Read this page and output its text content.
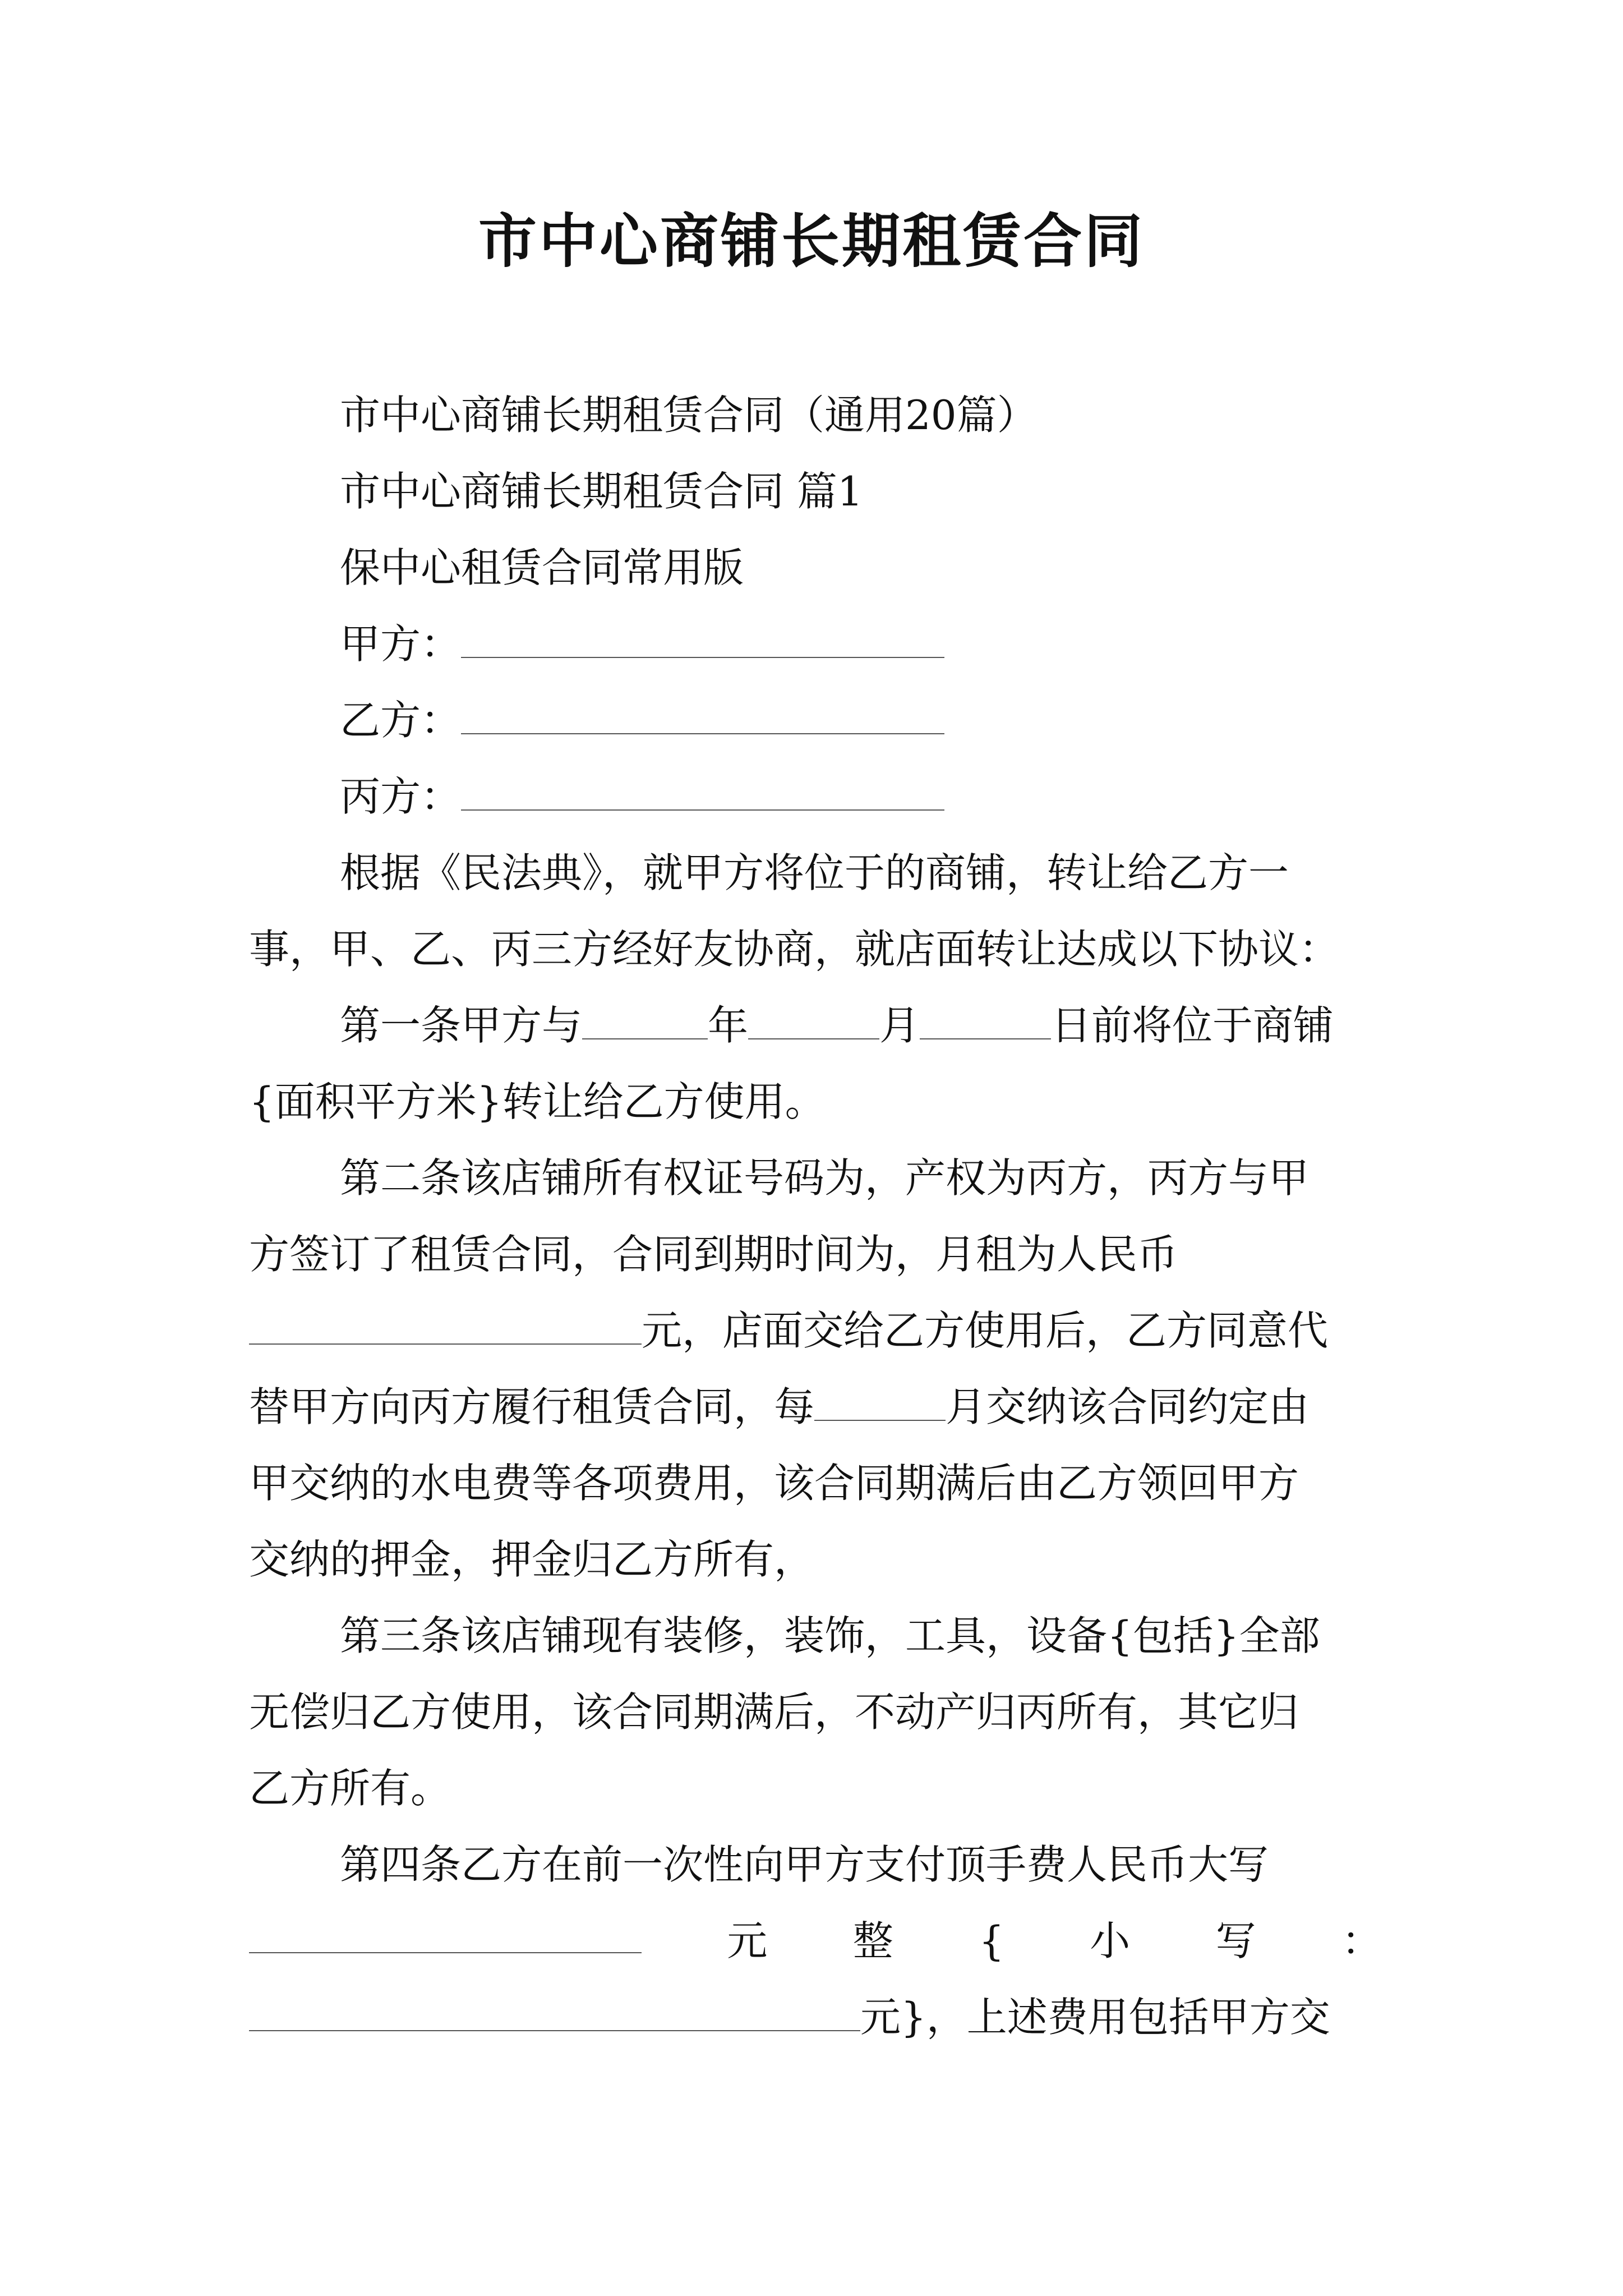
市中心商铺长期租赁合同
市中心商铺长期租赁合同（通用20篇）
市中心商铺长期租赁合同 篇1
保中心租赁合同常用版
甲方：
乙方：
丙方：
根据《民法典》，就甲方将位于的商铺，转让给乙方一
事，甲、乙、丙三方经好友协商，就店面转让达成以下协议：
第一条甲方与	年	月	日前将位于商铺
{面积平方米}转让给乙方使用。
第二条该店铺所有权证号码为，产权为丙方，丙方与甲
方签订了租赁合同，合同到期时间为，月租为人民币
元，店面交给乙方使用后，乙方同意代
替甲方向丙方履行租赁合同，每	月交纳该合同约定由
甲交纳的水电费等各项费用，该合同期满后由乙方领回甲方
交纳的押金，押金归乙方所有，
第三条该店铺现有装修，装饰，工具，设备{包括}全部
无偿归乙方使用，该合同期满后，不动产归丙所有，其它归
乙方所有。
第四条乙方在前一次性向甲方支付顶手费人民币大写
元 整 { 小 写 ：
元}，上述费用包括甲方交
